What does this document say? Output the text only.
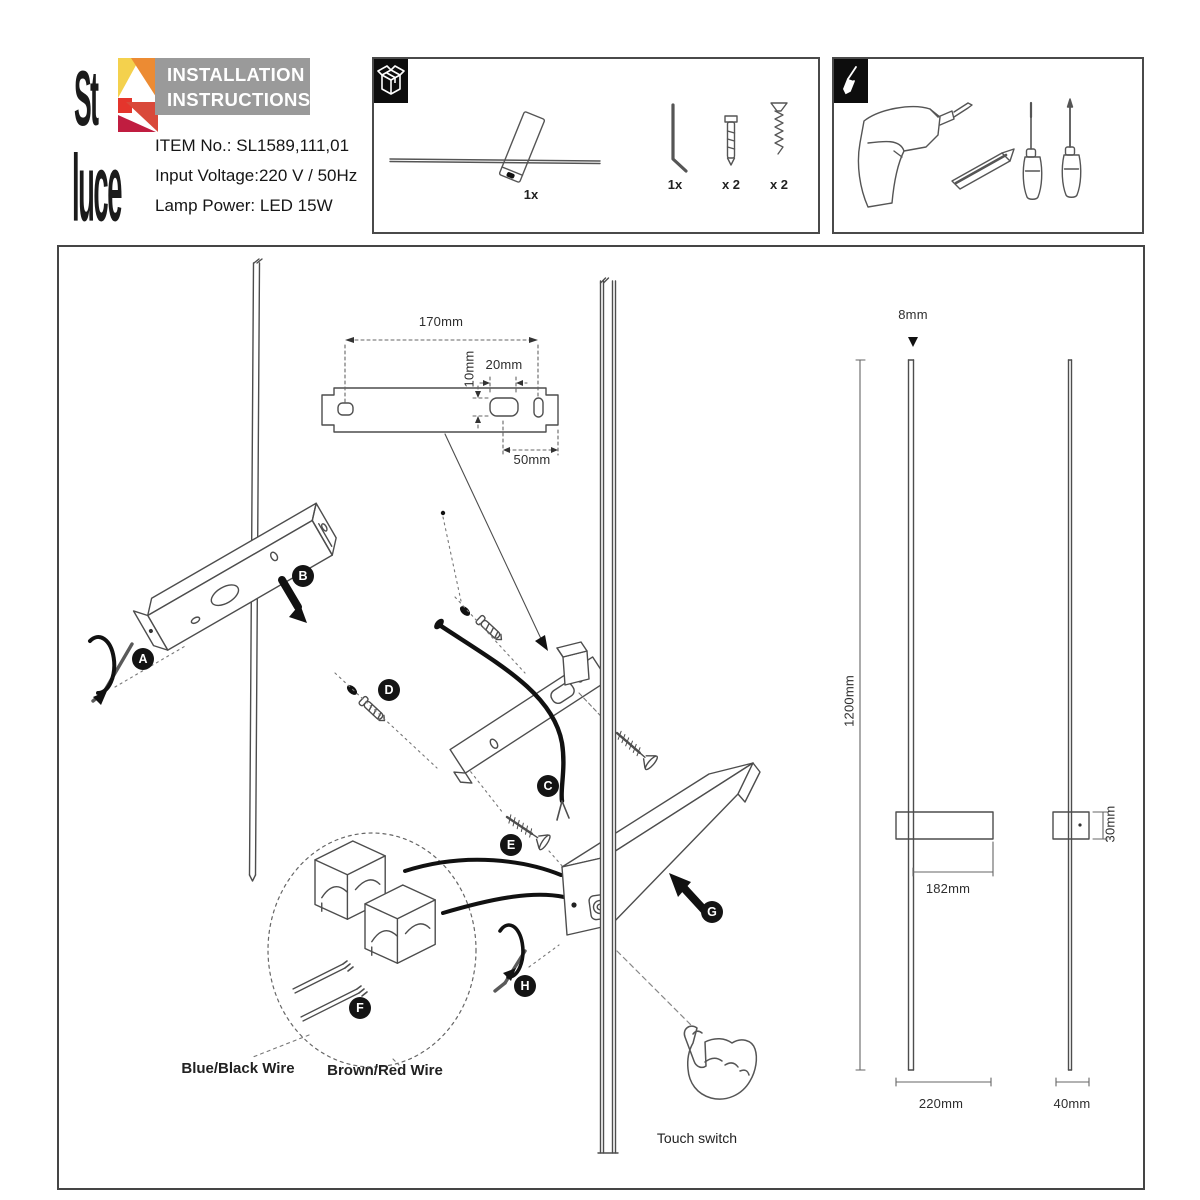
St
luce
INSTALLATION
INSTRUCTIONS
ITEM No.: SL1589,111,01
Input Voltage:220 V / 50Hz
Lamp Power: LED 15W
1x
1x	x 2 x 2
170mm
10mm 20mm
50mm
8mm
1200mm
182mm
30mm
220mm	40mm
A
B
C
D
E
F
G
H
Blue/Black Wire Brown/Red Wire
Touch switch
